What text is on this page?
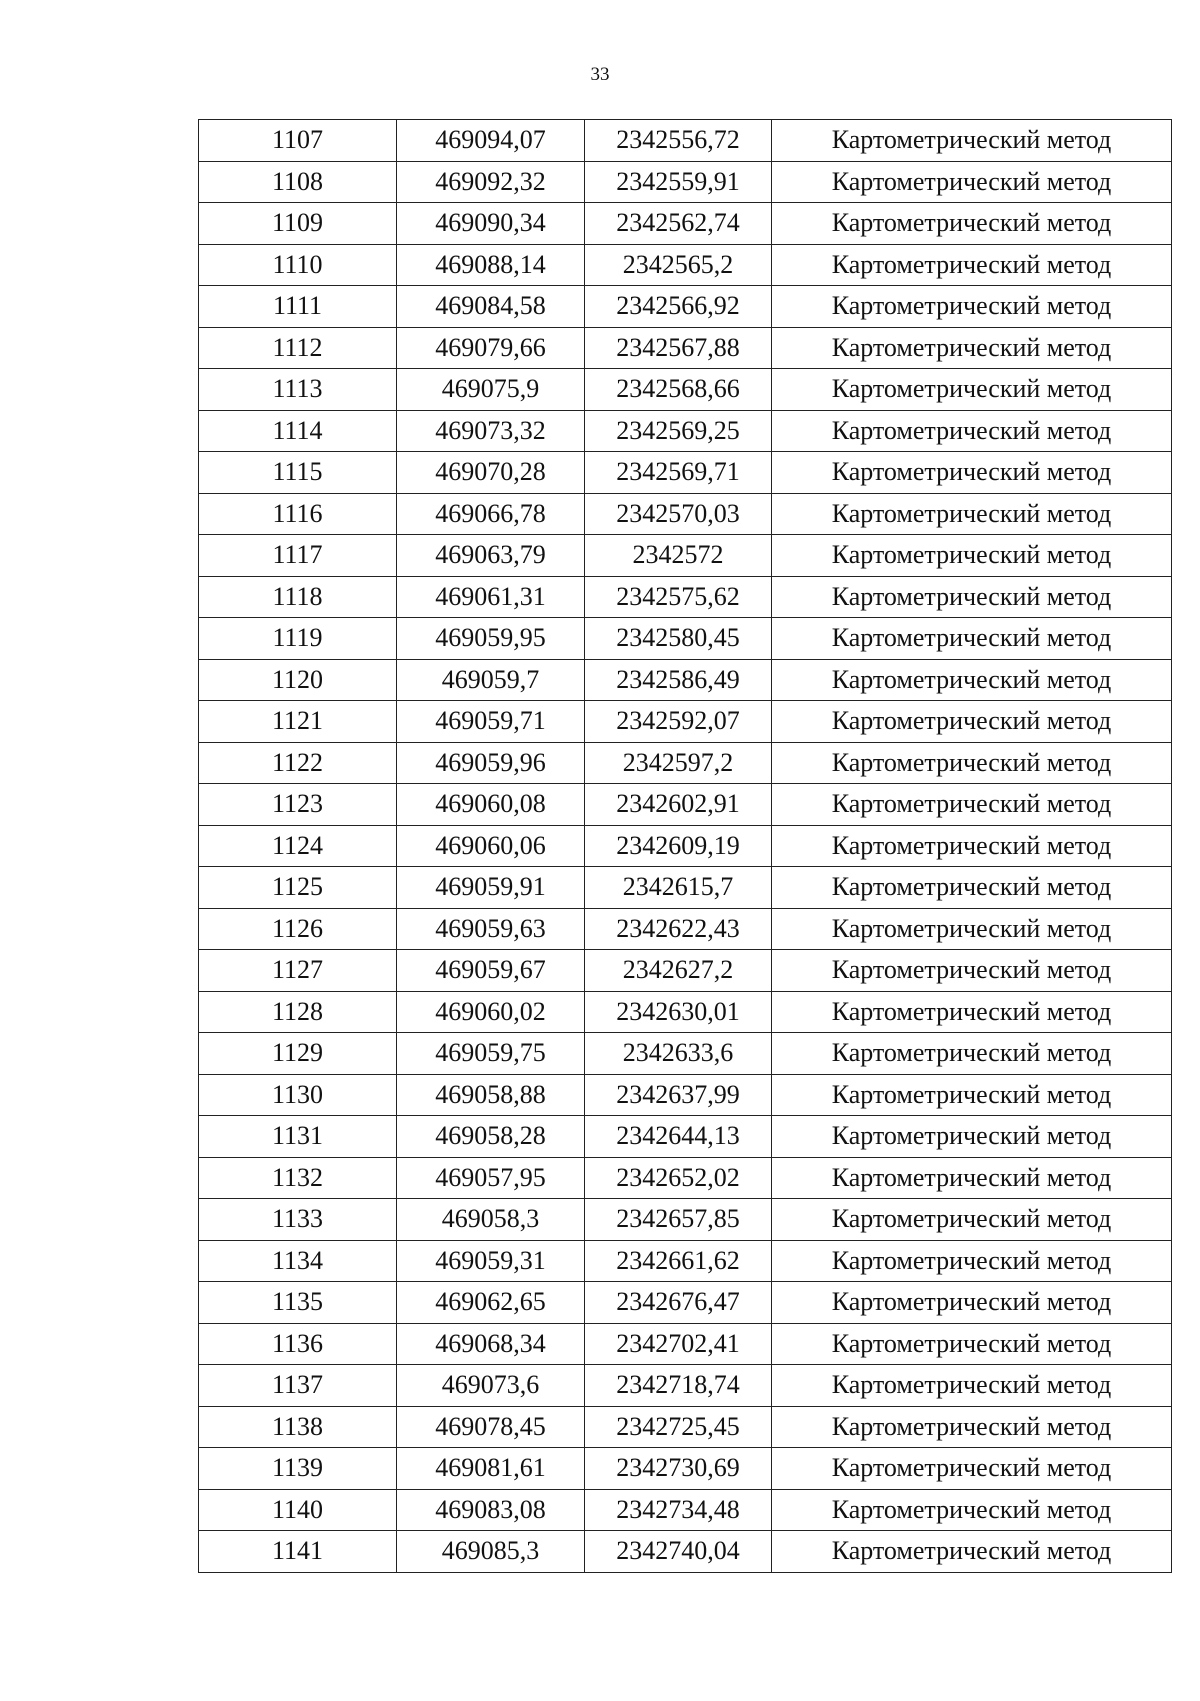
33
1107	469094,07	2342556,72	Картометрический метод
1108	469092,32	2342559,91	Картометрический метод
1109	469090,34	2342562,74	Картометрический метод
1110	469088,14	2342565,2	Картометрический метод
1111	469084,58	2342566,92	Картометрический метод
1112	469079,66	2342567,88	Картометрический метод
1113	469075,9	2342568,66	Картометрический метод
1114	469073,32	2342569,25	Картометрический метод
1115	469070,28	2342569,71	Картометрический метод
1116	469066,78	2342570,03	Картометрический метод
1117	469063,79	2342572	Картометрический метод
1118	469061,31	2342575,62	Картометрический метод
1119	469059,95	2342580,45	Картометрический метод
1120	469059,7	2342586,49	Картометрический метод
1121	469059,71	2342592,07	Картометрический метод
1122	469059,96	2342597,2	Картометрический метод
1123	469060,08	2342602,91	Картометрический метод
1124	469060,06	2342609,19	Картометрический метод
1125	469059,91	2342615,7	Картометрический метод
1126	469059,63	2342622,43	Картометрический метод
1127	469059,67	2342627,2	Картометрический метод
1128	469060,02	2342630,01	Картометрический метод
1129	469059,75	2342633,6	Картометрический метод
1130	469058,88	2342637,99	Картометрический метод
1131	469058,28	2342644,13	Картометрический метод
1132	469057,95	2342652,02	Картометрический метод
1133	469058,3	2342657,85	Картометрический метод
1134	469059,31	2342661,62	Картометрический метод
1135	469062,65	2342676,47	Картометрический метод
1136	469068,34	2342702,41	Картометрический метод
1137	469073,6	2342718,74	Картометрический метод
1138	469078,45	2342725,45	Картометрический метод
1139	469081,61	2342730,69	Картометрический метод
1140	469083,08	2342734,48	Картометрический метод
1141	469085,3	2342740,04	Картометрический метод
